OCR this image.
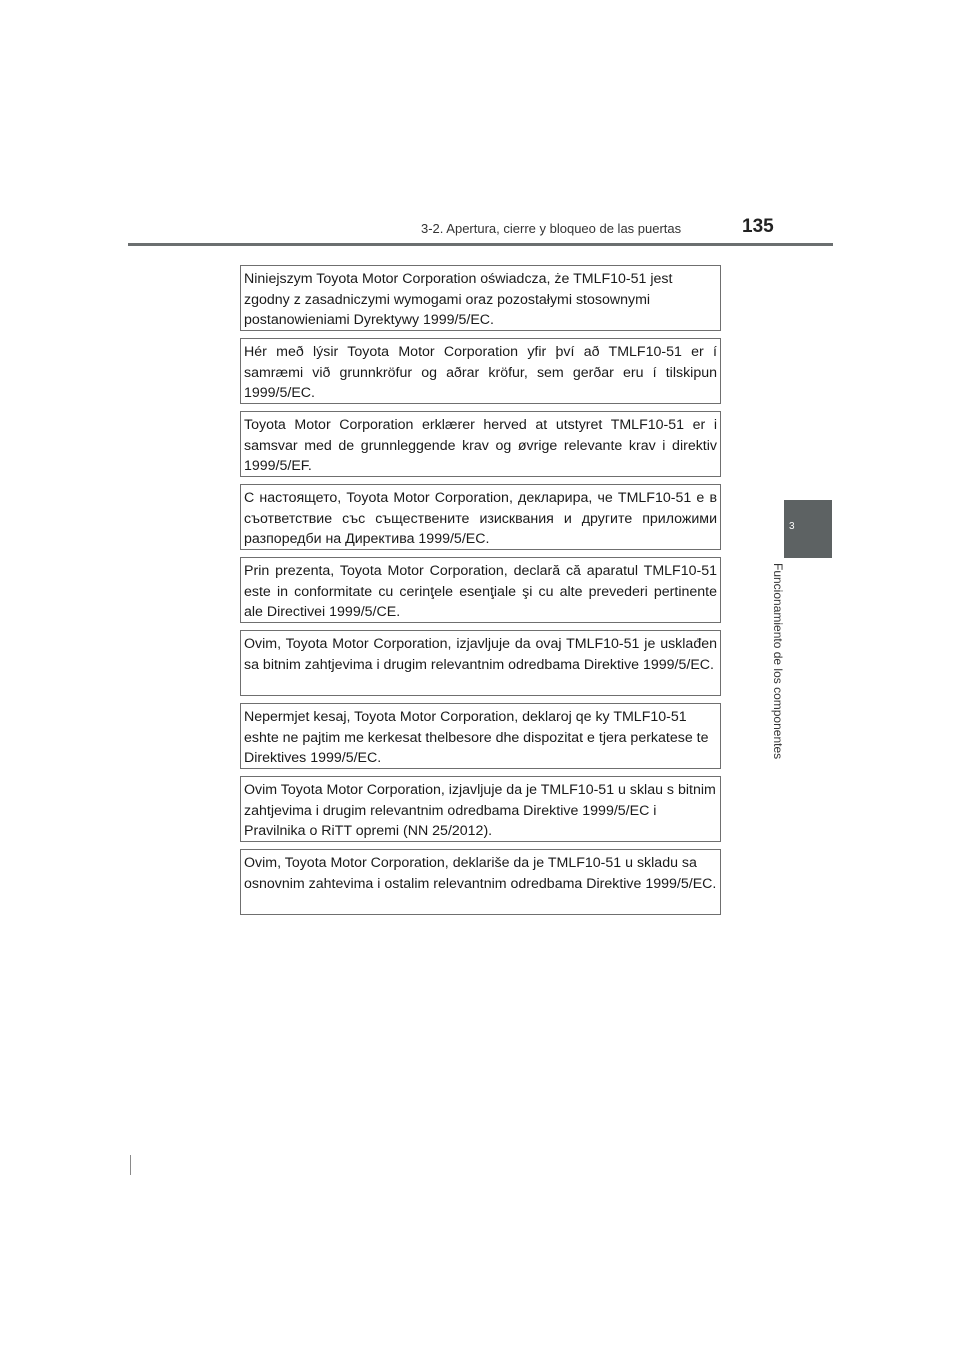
3-2. Apertura, cierre y bloqueo de las puertas	135
3
Funcionamiento de los componentes
Niniejszym Toyota Motor Corporation oświadcza, że TMLF10-51 jest zgodny z zasadniczymi wymogami oraz pozostałymi stosownymi postanowieniami Dyrektywy 1999/5/EC.
Hér með lýsir Toyota Motor Corporation yfir því að TMLF10-51 er í samræmi við grunnkröfur og aðrar kröfur, sem gerðar eru í tilskipun 1999/5/EC.
Toyota Motor Corporation erklærer herved at utstyret TMLF10-51 er i samsvar med de grunnleggende krav og øvrige relevante krav i direktiv 1999/5/EF.
С настоящето, Toyota Motor Corporation, декларира, че TMLF10-51 е в съответствие със съществените изисквания и другите приложими разпоредби на Директива 1999/5/ЕС.
Prin prezenta, Toyota Motor Corporation, declară că aparatul TMLF10-51 este in conformitate cu cerinţele esenţiale şi cu alte prevederi pertinente ale Directivei 1999/5/CE.
Ovim, Toyota Motor Corporation, izjavljuje da ovaj TMLF10-51 je usklađen sa bitnim zahtjevima i drugim relevantnim odredbama Direktive 1999/5/EC.
Nepermjet kesaj, Toyota Motor Corporation, deklaroj qe ky TMLF10-51 eshte ne pajtim me kerkesat thelbesore dhe dispozitat e tjera perkatese te Direktives 1999/5/EC.
Ovim Toyota Motor Corporation, izjavljuje da je TMLF10-51 u sklau s bitnim zahtjevima i drugim relevantnim odredbama Direktive 1999/5/EC i Pravilnika o RiTT opremi (NN 25/2012).
Ovim, Toyota Motor Corporation, deklariše da je TMLF10-51 u skladu sa osnovnim zahtevima i ostalim relevantnim odredbama Direktive 1999/5/EC.
